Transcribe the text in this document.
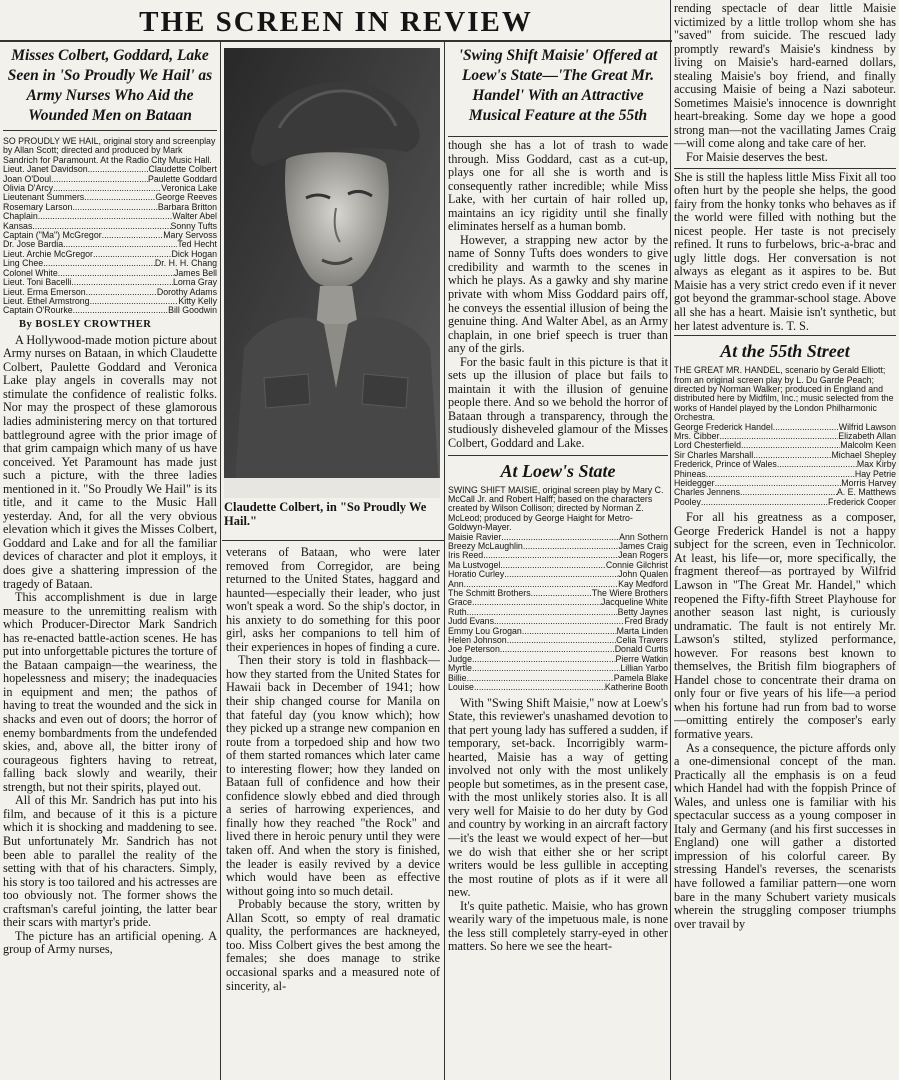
THE SCREEN IN REVIEW
Misses Colbert, Goddard, Lake Seen in 'So Proudly We Hail' as Army Nurses Who Aid the Wounded Men on Bataan

SO PROUDLY WE HAIL, original story and screenplay by Allan Scott; directed and produced by Mark Sandrich for Paramount. At the Radio City Music Hall.

Lieut. Janet Davidson .....	Claudette Colbert
Joan O'Doul .....	Paulette Goddard
Olivia D'Arcy .....	Veronica Lake
Lieutenant Summers .....	George Reeves
Rosemary Larson .....	Barbara Britton
Chaplain .....	Walter Abel
Kansas .....	Sonny Tufts
Captain ("Ma") McGregor .....	Mary Servoss
Dr. Jose Bardia .....	Ted Hecht
Lieut. Archie McGregor .....	Dick Hogan
Ling Chee .....	Dr. H. H. Chang
Colonel White .....	James Bell
Lieut. Toni Bacelli .....	Lorna Gray
Lieut. Erma Emerson .....	Dorothy Adams
Lieut. Ethel Armstrong .....	Kitty Kelly
Captain O'Rourke .....	Bill Goodwin
By BOSLEY CROWTHER

A Hollywood-made motion picture about Army nurses on Bataan, in which Claudette Colbert, Paulette Goddard and Veronica Lake play angels in coveralls may not stimulate the confidence of realistic folks. Nor may the prospect of these glamorous ladies administering mercy on that tortured battleground agree with the prior image of that grim campaign which many of us have conceived. Yet Paramount has made just such a picture, with the three ladies mentioned in it. "So Proudly We Hail" is its title, and it came to the Music Hall yesterday. And, for all the very obvious elevation which it gives the Misses Colbert, Goddard and Lake and for all the familiar devices of character and plot it employs, it does give a shattering impression of the tragedy of Bataan.

This accomplishment is due in large measure to the unremitting realism with which Producer-Director Mark Sandrich has re-enacted battle-action scenes. He has put into unforgettable pictures the torture of the Bataan campaign—the weariness, the hopelessness and misery; the inadequacies in equipment and men; the pathos of having to treat the wounded and the sick in shacks and even out of doors; the horror of enemy bombardments from the undefended skies, and, above all, the bitter irony of courageous fighters having to retreat, falling back slowly and wearily, their strength, but not their spirits, played out.

All of this Mr. Sandrich has put into his film, and because of it this is a picture which it is shocking and maddening to see. But unfortunately Mr. Sandrich has not been able to parallel the reality of the setting with that of his characters. Simply, his story is too tailored and his actresses are too obviously not. The former shows the craftsman's careful jointing, the latter bear their scars with martyr's pride.

The picture has an artificial opening. A group of Army nurses,

Claudette Colbert, in "So Proudly We Hail."

veterans of Bataan, who were later removed from Corregidor, are being returned to the United States, haggard and haunted—especially their leader, who just won't speak a word. So the ship's doctor, in his anxiety to do something for this poor girl, asks her companions to tell him of their experiences in hopes of finding a cure.

Then their story is told in flashback—how they started from the United States for Hawaii back in December of 1941; how their ship changed course for Manila on that fateful day (you know which); how they picked up a strange new companion en route from a torpedoed ship and how two of them started romances which later came to interesting flower; how they landed on Bataan full of confidence and how their confidence slowly ebbed and died through a series of harrowing experiences, and finally how they reached "the Rock" and lived there in heroic penury until they were taken off. And when the story is finished, the leader is easily revived by a device which would have been as effective without going into so much detail.

Probably because the story, written by Allan Scott, so empty of real dramatic quality, the performances are hackneyed, too. Miss Colbert gives the best among the females; she does manage to strike occasional sparks and a measured note of sincerity, al-

'Swing Shift Maisie' Offered at Loew's State—'The Great Mr. Handel' With an Attractive Musical Feature at the 55th

though she has a lot of trash to wade through. Miss Goddard, cast as a cut-up, plays one for all she is worth and is consequently rather incredible; while Miss Lake, with her curtain of hair rolled up, maintains an icy rigidity until she finally eliminates herself as a human bomb.

However, a strapping new actor by the name of Sonny Tufts does wonders to give credibility and warmth to the scenes in which he plays. As a gawky and shy marine private with whom Miss Goddard pairs off, he conveys the essential illusion of being the genuine thing. And Walter Abel, as an Army chaplain, in one brief speech is truer than any of the girls.

For the basic fault in this picture is that it sets up the illusion of place but fails to maintain it with the illusion of genuine people there. And so we behold the horror of Bataan through a transparency, through the studiously disheveled glamour of the Misses Colbert, Goddard and Lake.

At Loew's State

SWING SHIFT MAISIE, original screen play by Mary C. McCall Jr. and Robert Halff; based on the characters created by Wilson Collison; directed by Norman Z. McLeod; produced by George Haight for Metro-Goldwyn-Mayer.

Maisie Ravier .....	Ann Sothern
Breezy McLaughlin .....	James Craig
Iris Reed .....	Jean Rogers
Ma Lustvogel .....	Connie Gilchrist
Horatio Curley .....	John Qualen
Ann .....	Kay Medford
The Schmitt Brothers .....	The Wiere Brothers
Grace .....	Jacqueline White
Ruth .....	Betty Jaynes
Judd Evans .....	Fred Brady
Emmy Lou Grogan .....	Marta Linden
Helen Johnson .....	Celia Travers
Joe Peterson .....	Donald Curtis
Judge .....	Pierre Watkin
Myrtle .....	Lillian Yarbo
Billie .....	Pamela Blake
Louise .....	Katherine Booth

With "Swing Shift Maisie," now at Loew's State, this reviewer's unashamed devotion to that pert young lady has suffered a sudden, if temporary, set-back. Incorrigibly warm-hearted, Maisie has a way of getting involved not only with the most unlikely people but sometimes, as in the present case, with the most unlikely stories also. It is all very well for Maisie to do her duty by God and country by working in an aircraft factory—it's the least we would expect of her—but we do wish that either she or her script writers would be less gullible in accepting the most routine of plots as if it were all new.

It's quite pathetic. Maisie, who has grown wearily wary of the impetuous male, is none the less still completely starry-eyed in other matters. So here we see the heart-

rending spectacle of dear little Maisie victimized by a little trollop whom she has "saved" from suicide. The rescued lady promptly reward's Maisie's kindness by living on Maisie's hard-earned dollars, stealing Maisie's boy friend, and finally accusing Maisie of being a Nazi saboteur. Sometimes Maisie's innocence is downright heart-breaking. Some day we hope a good strong man—not the vacillating James Craig—will come along and take care of her.

For Maisie deserves the best.

She is still the hapless little Miss Fixit all too often hurt by the people she helps, the good fairy from the honky tonks who behaves as if the world were filled with nothing but the nicest people. Her taste is not precisely refined. It runs to furbelows, bric-a-brac and ugly little dogs. Her conversation is not always as elegant as it aspires to be. But Maisie has a very strict credo even if it never got beyond the grammar-school stage. Above all she has a heart. Maisie isn't synthetic, but her latest adventure is. T. S.

At the 55th Street

THE GREAT MR. HANDEL, scenario by Gerald Elliott; from an original screen play by L. Du Garde Peach; directed by Norman Walker; produced in England and distributed here by Midfilm, Inc.; music selected from the works of Handel played by the London Philharmonic Orchestra.

George Frederick Handel .....	Wilfrid Lawson
Mrs. Cibber .....	Elizabeth Allan
Lord Chesterfield .....	Malcolm Keen
Sir Charles Marshall .....	Michael Shepley
Frederick, Prince of Wales .....	Max Kirby
Phineas .....	Hay Petrie
Heidegger .....	Morris Harvey
Charles Jennens .....	A. E. Matthews
Pooley .....	Frederick Cooper

For all his greatness as a composer, George Frederick Handel is not a happy subject for the screen, even in Technicolor. At least, his life—or, more specifically, the fragment thereof—as portrayed by Wilfrid Lawson in "The Great Mr. Handel," which reopened the Fifty-fifth Street Playhouse for another season last night, is curiously undramatic. The fault is not entirely Mr. Lawson's stilted, stylized performance, however. For reasons best known to themselves, the British film biographers of Handel chose to concentrate their drama on only four or five years of his life—a period when his fortune had run from bad to worse—omitting entirely the composer's early formative years.

As a consequence, the picture affords only a one-dimensional concept of the man. Practically all the emphasis is on a feud which Handel had with the foppish Prince of Wales, and unless one is familiar with his spectacular success as a young composer in Italy and Germany (and his first successes in England) one will gather a distorted impression of his colorful career. By stressing Handel's reverses, the scenarists have followed a familiar pattern—one worn bare in the many Schubert variety musicals wherein the struggling composer triumphs over travail by
